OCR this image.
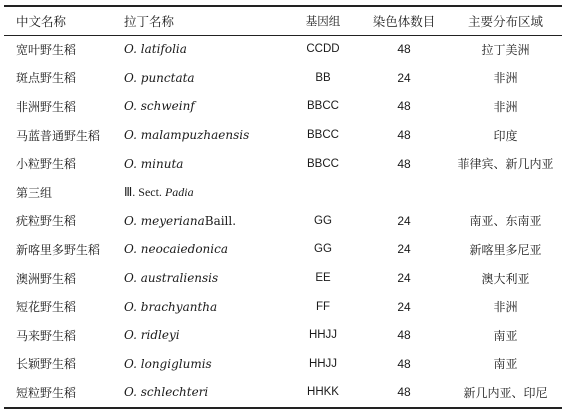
中文名称	拉丁名称	基因组	染色体数目	主要分布区域
宽叶野生稻	O. latifolia	CCDD	48	拉丁美洲
斑点野生稻	O. punctata	BB	24	非洲
非洲野生稻	O. schweinf	BBCC	48	非洲
马蓝普通野生稻	O. malampuzhaensis	BBCC	48	印度
小粒野生稻	O. minuta	BBCC	48	菲律宾、新几内亚
第三组	Ⅲ. Sect. Padia			
疣粒野生稻	O. meyerianaBaill.	GG	24	南亚、东南亚
新喀里多野生稻	O. neocaiedonica	GG	24	新喀里多尼亚
澳洲野生稻	O. australiensis	EE	24	澳大利亚
短花野生稻	O. brachyantha	FF	24	非洲
马来野生稻	O. ridleyi	HHJJ	48	南亚
长颖野生稻	O. longiglumis	HHJJ	48	南亚
短粒野生稻	O. schlechteri	HHKK	48	新几内亚、印尼
